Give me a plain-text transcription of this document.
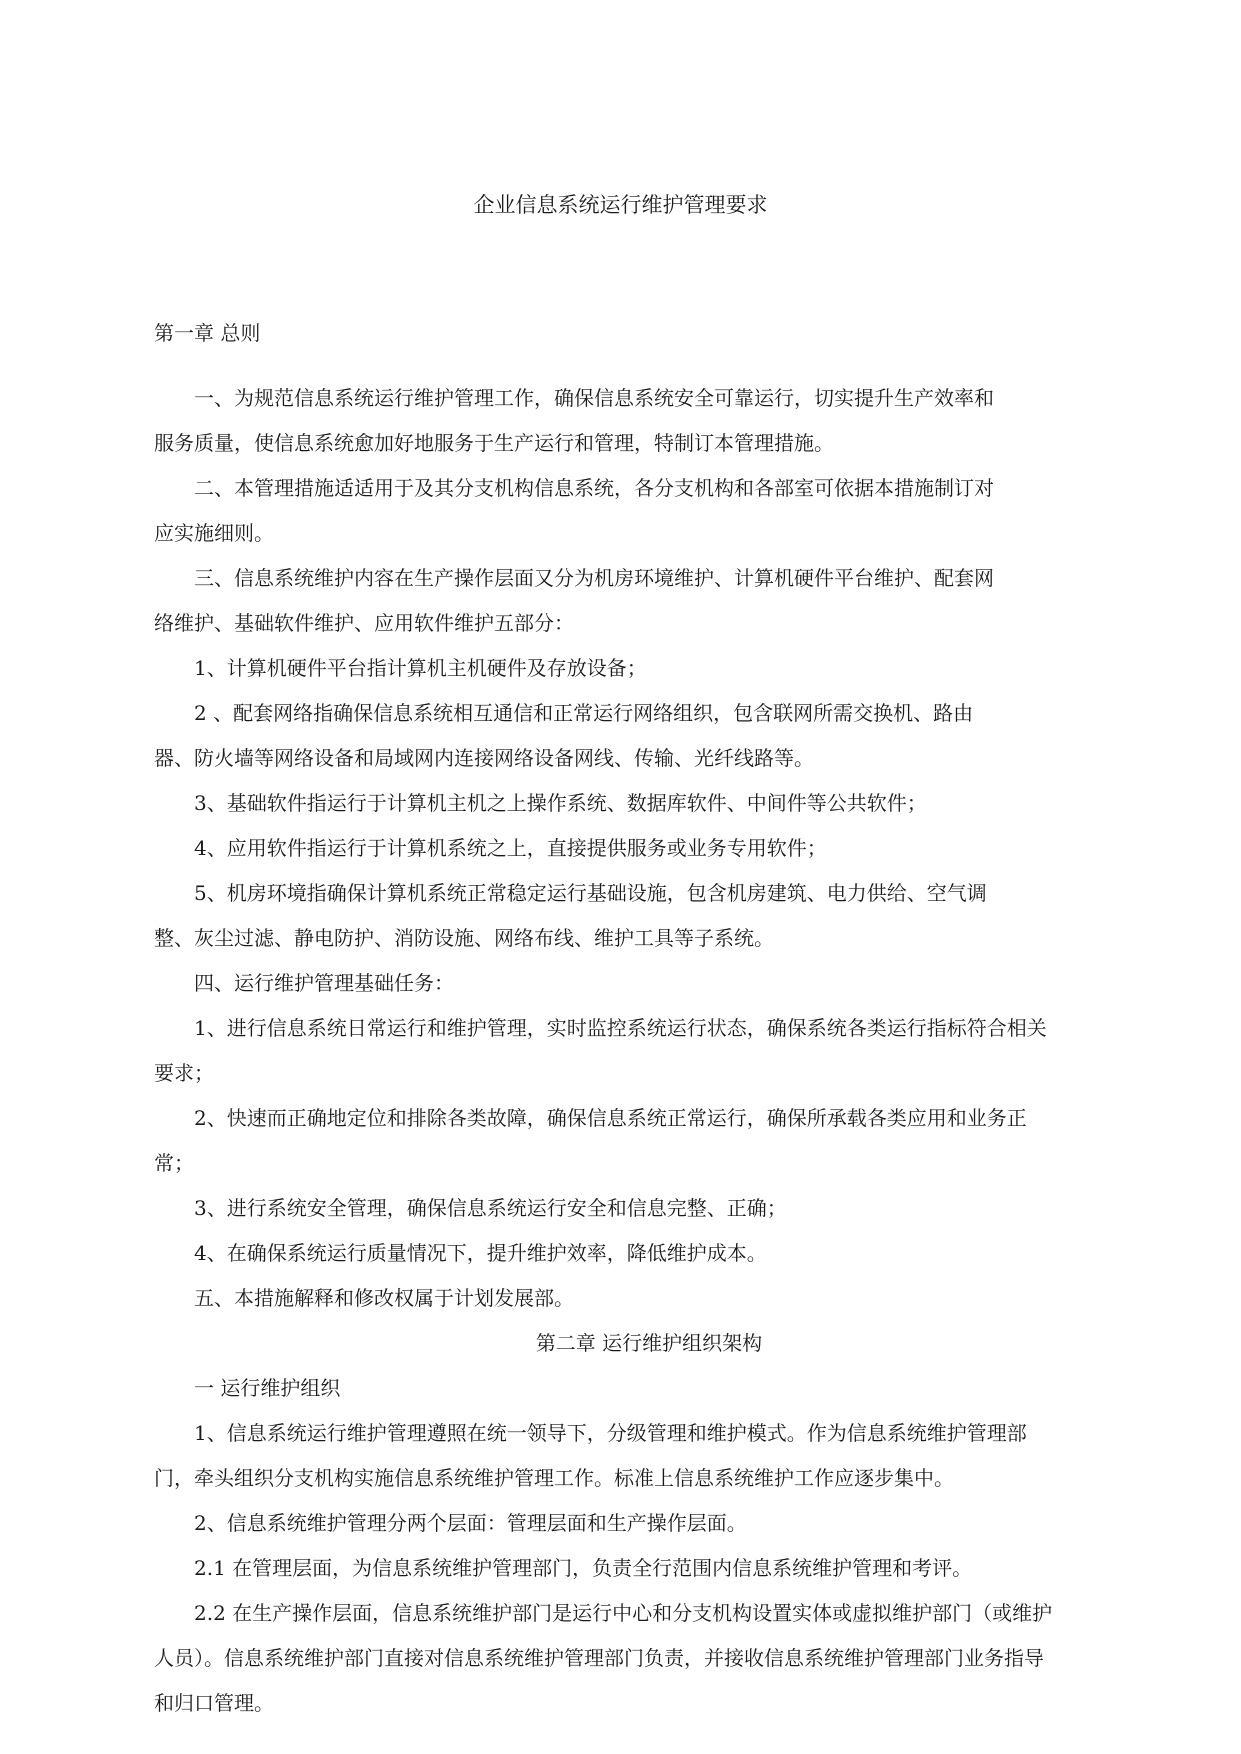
企业信息系统运行维护管理要求
第一章 总则
一、为规范信息系统运行维护管理工作，确保信息系统安全可靠运行，切实提升生产效率和
服务质量，使信息系统愈加好地服务于生产运行和管理，特制订本管理措施。
二、本管理措施适适用于及其分支机构信息系统，各分支机构和各部室可依据本措施制订对
应实施细则。
三、信息系统维护内容在生产操作层面又分为机房环境维护、计算机硬件平台维护、配套网
络维护、基础软件维护、应用软件维护五部分：
1、计算机硬件平台指计算机主机硬件及存放设备；
2 、配套网络指确保信息系统相互通信和正常运行网络组织，包含联网所需交换机、路由
器、防火墙等网络设备和局域网内连接网络设备网线、传输、光纤线路等。
3、基础软件指运行于计算机主机之上操作系统、数据库软件、中间件等公共软件；
4、应用软件指运行于计算机系统之上，直接提供服务或业务专用软件；
5、机房环境指确保计算机系统正常稳定运行基础设施，包含机房建筑、电力供给、空气调
整、灰尘过滤、静电防护、消防设施、网络布线、维护工具等子系统。
四、运行维护管理基础任务：
1、进行信息系统日常运行和维护管理，实时监控系统运行状态，确保系统各类运行指标符合相关
要求；
2、快速而正确地定位和排除各类故障，确保信息系统正常运行，确保所承载各类应用和业务正
常；
3、进行系统安全管理，确保信息系统运行安全和信息完整、正确；
4、在确保系统运行质量情况下，提升维护效率，降低维护成本。
五、本措施解释和修改权属于计划发展部。
第二章 运行维护组织架构
一 运行维护组织
1、信息系统运行维护管理遵照在统一领导下，分级管理和维护模式。作为信息系统维护管理部
门，牵头组织分支机构实施信息系统维护管理工作。标准上信息系统维护工作应逐步集中。
2、信息系统维护管理分两个层面：管理层面和生产操作层面。
2.1 在管理层面，为信息系统维护管理部门，负责全行范围内信息系统维护管理和考评。
2.2 在生产操作层面，信息系统维护部门是运行中心和分支机构设置实体或虚拟维护部门（或维护
人员）。信息系统维护部门直接对信息系统维护管理部门负责，并接收信息系统维护管理部门业务指导
和归口管理。
